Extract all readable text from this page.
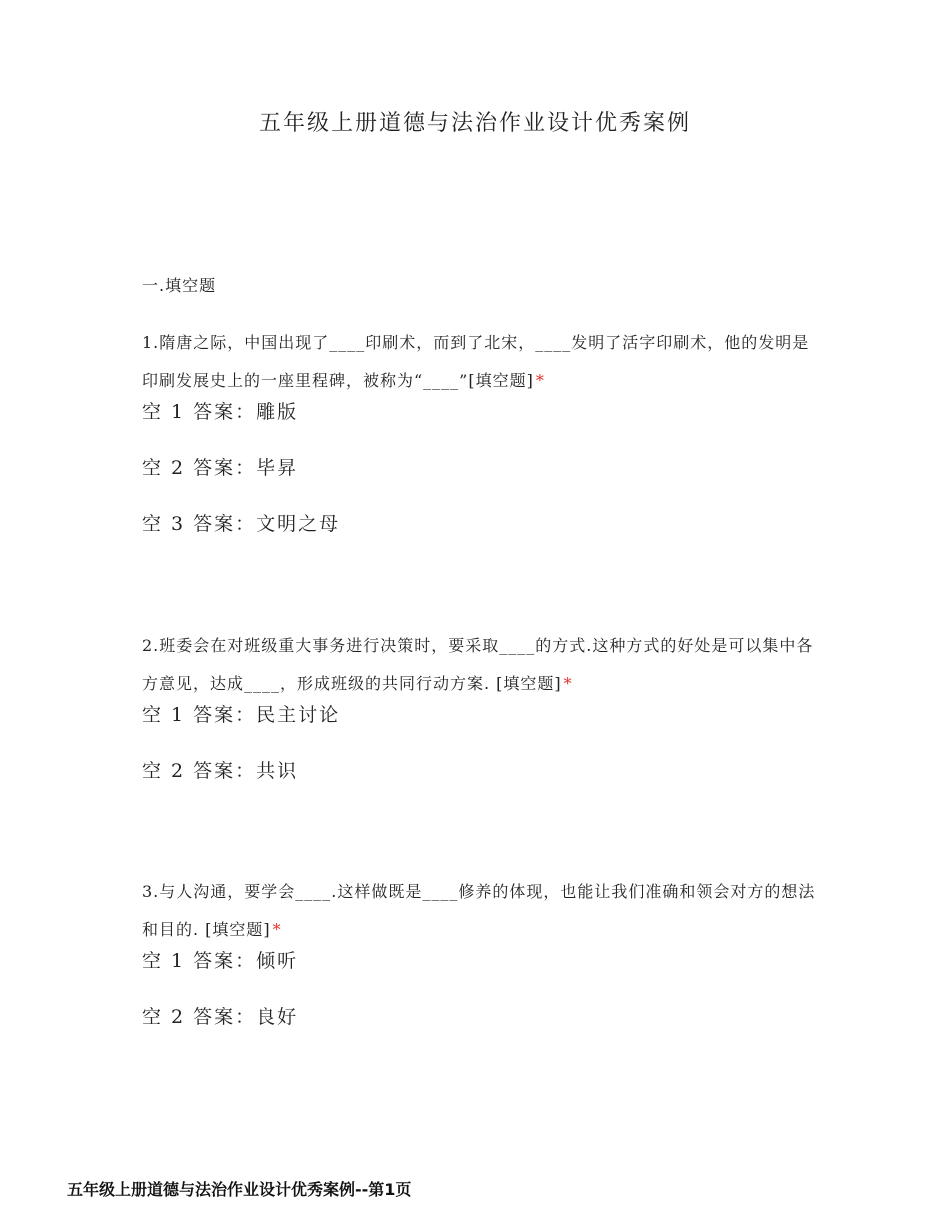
五年级上册道德与法治作业设计优秀案例
一.填空题

1.隋唐之际，中国出现了____印刷术，而到了北宋，____发明了活字印刷术，他的发明是印刷发展史上的一座里程碑，被称为“____”[填空题] *

空 1 答案：雕版

空 2 答案：毕昇

空 3 答案：文明之母

2.班委会在对班级重大事务进行决策时，要采取____的方式.这种方式的好处是可以集中各方意见，达成____，形成班级的共同行动方案. [填空题] *

空 1 答案：民主讨论

空 2 答案：共识

3.与人沟通，要学会____.这样做既是____修养的体现，也能让我们准确和领会对方的想法和目的. [填空题] *

空 1 答案：倾听

空 2 答案：良好

五年级上册道德与法治作业设计优秀案例--第1页
